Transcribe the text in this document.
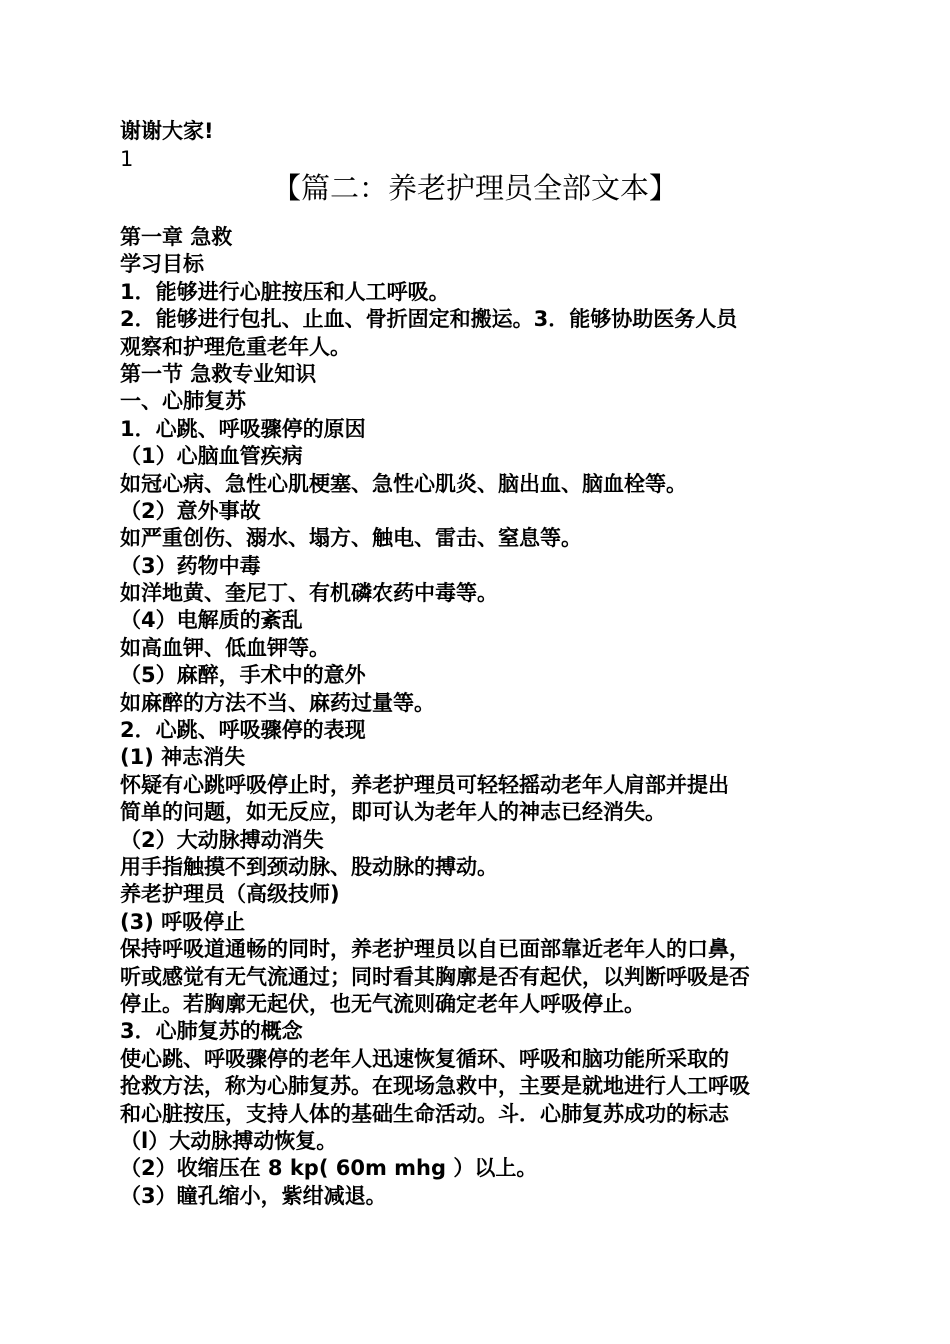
谢谢大家!
1
【篇二：养老护理员全部文本】
第一章 急救
学习目标
1．能够进行心脏按压和人工呼吸。
2．能够进行包扎、止血、骨折固定和搬运。3．能够协助医务人员
观察和护理危重老年人。
第一节 急救专业知识
一、心肺复苏
1．心跳、呼吸骤停的原因
（1）心脑血管疾病
如冠心病、急性心肌梗塞、急性心肌炎、脑出血、脑血栓等。
（2）意外事故
如严重创伤、溺水、塌方、触电、雷击、窒息等。
（3）药物中毒
如洋地黄、奎尼丁、有机磷农药中毒等。
（4）电解质的紊乱
如高血钾、低血钾等。
（5）麻醉，手术中的意外
如麻醉的方法不当、麻药过量等。
2．心跳、呼吸骤停的表现
(1) 神志消失
怀疑有心跳呼吸停止时，养老护理员可轻轻摇动老年人肩部并提出
简单的问题，如无反应，即可认为老年人的神志已经消失。
（2）大动脉搏动消失
用手指触摸不到颈动脉、股动脉的搏动。
养老护理员（高级技师)
(3) 呼吸停止
保持呼吸道通畅的同时，养老护理员以自已面部靠近老年人的口鼻，
听或感觉有无气流通过；同时看其胸廓是否有起伏，以判断呼吸是否
停止。若胸廓无起伏，也无气流则确定老年人呼吸停止。
3．心肺复苏的概念
使心跳、呼吸骤停的老年人迅速恢复循环、呼吸和脑功能所采取的
抢救方法，称为心肺复苏。在现场急救中，主要是就地进行人工呼吸
和心脏按压，支持人体的基础生命活动。斗．心肺复苏成功的标志
（l）大动脉搏动恢复。
（2）收缩压在 8 kp( 60m mhg ）以上。
（3）瞳孔缩小，紫绀减退。
